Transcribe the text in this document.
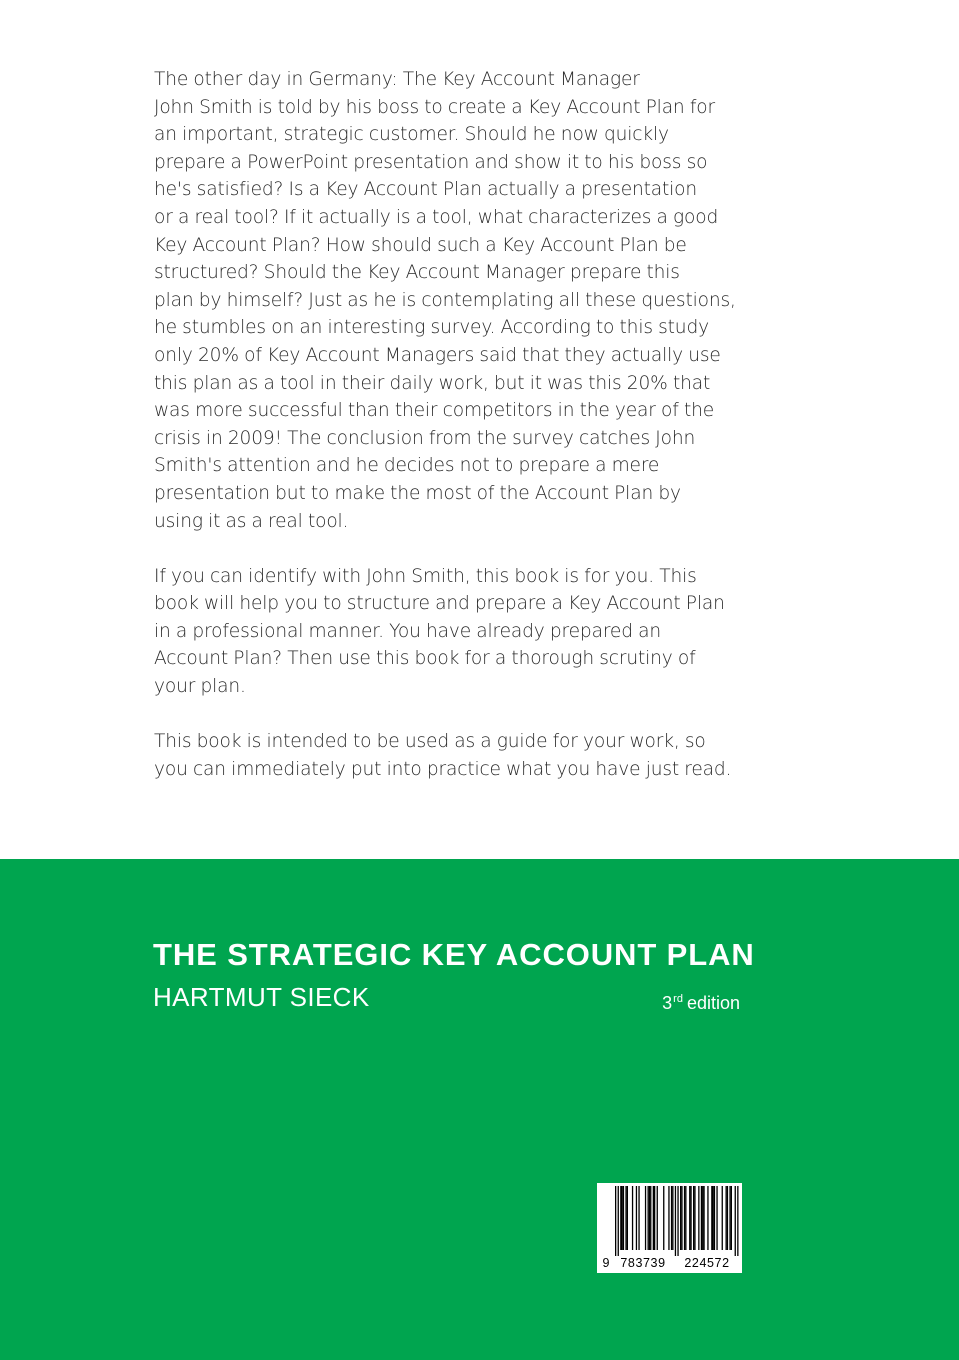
The other day in Germany: The Key Account Manager
John Smith is told by his boss to create a Key Account Plan for
an important, strategic customer. Should he now quickly
prepare a PowerPoint presentation and show it to his boss so
he's satisfied? Is a Key Account Plan actually a presentation
or a real tool? If it actually is a tool, what characterizes a good
Key Account Plan? How should such a Key Account Plan be
structured? Should the Key Account Manager prepare this
plan by himself? Just as he is contemplating all these questions,
he stumbles on an interesting survey. According to this study
only 20% of Key Account Managers said that they actually use
this plan as a tool in their daily work, but it was this 20% that
was more successful than their competitors in the year of the
crisis in 2009! The conclusion from the survey catches John
Smith's attention and he decides not to prepare a mere
presentation but to make the most of the Account Plan by
using it as a real tool.

If you can identify with John Smith, this book is for you. This
book will help you to structure and prepare a Key Account Plan
in a professional manner. You have already prepared an
Account Plan? Then use this book for a thorough scrutiny of
your plan.

This book is intended to be used as a guide for your work, so
you can immediately put into practice what you have just read.

THE STRATEGIC KEY ACCOUNT PLAN
HARTMUT SIECK	3rd edition
9 783739 224572
